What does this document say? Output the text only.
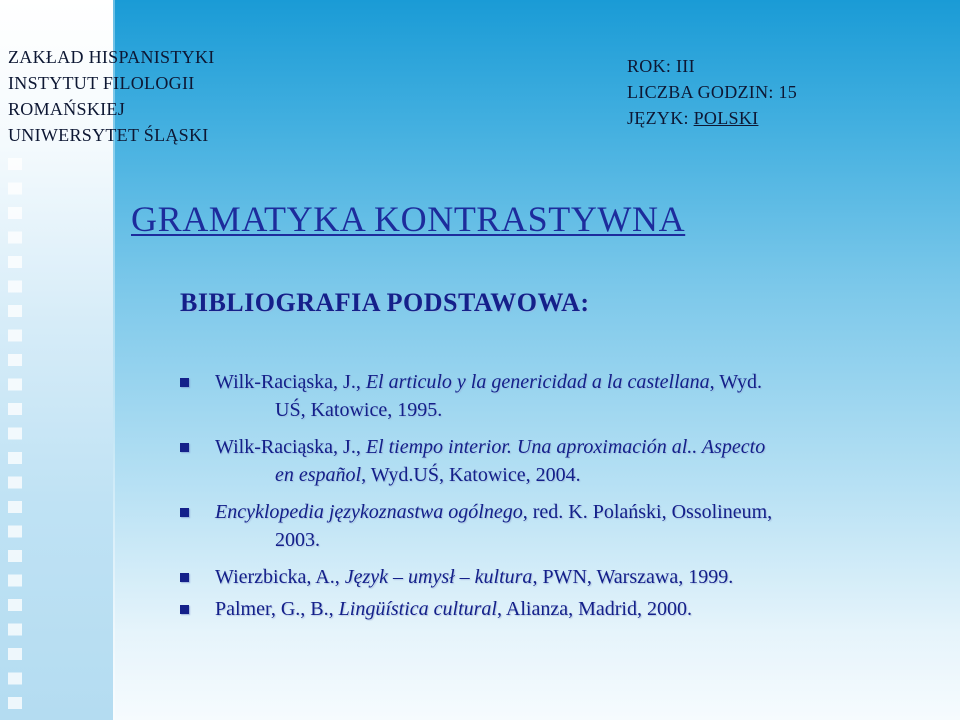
ZAKŁAD HISPANISTYKI
INSTYTUT FILOLOGII
ROMAŃSKIEJ
UNIWERSYTET ŚLĄSKI
ROK: III
LICZBA GODZIN: 15
JĘZYK: POLSKI
GRAMATYKA KONTRASTYWNA
BIBLIOGRAFIA PODSTAWOWA:
Wilk-Raciąska, J., El articulo y la genericidad a la castellana, Wyd.
UŚ, Katowice, 1995.
Wilk-Raciąska, J., El tiempo interior. Una aproximación al.. Aspecto
en español, Wyd.UŚ, Katowice, 2004.
Encyklopedia językoznastwa ogólnego, red. K. Polański, Ossolineum,
2003.
Wierzbicka, A., Język – umysł – kultura, PWN, Warszawa, 1999.
Palmer, G., B., Lingüística cultural, Alianza, Madrid, 2000.
